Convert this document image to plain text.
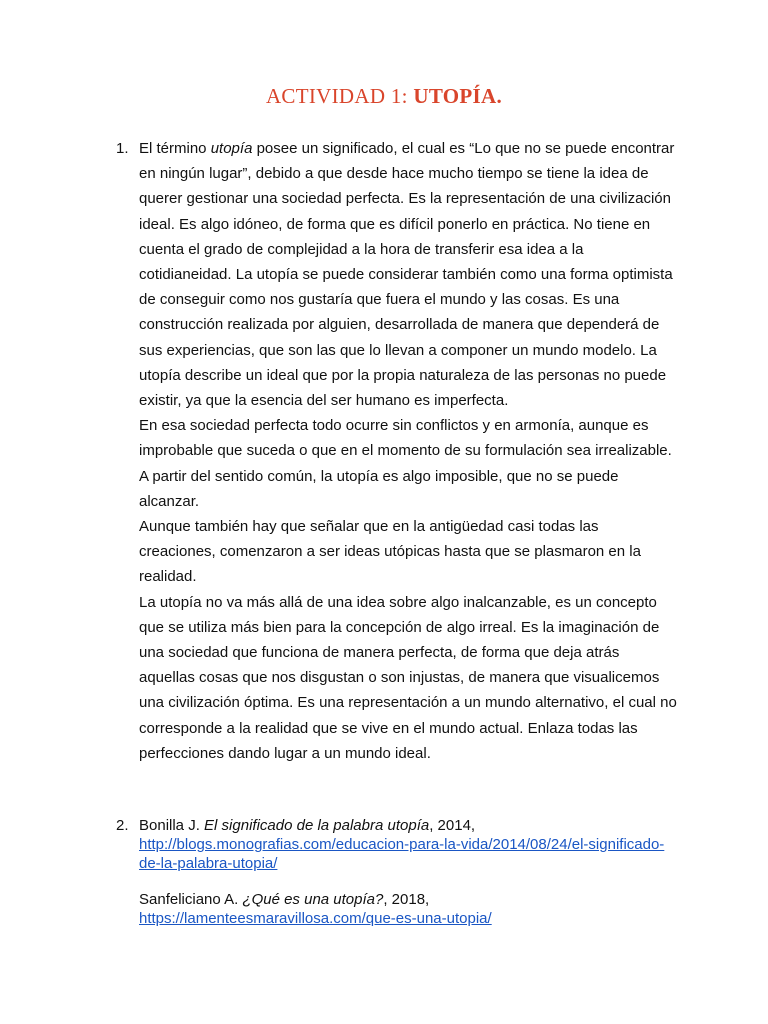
ACTIVIDAD 1: UTOPÍA.
1. El término utopía posee un significado, el cual es “Lo que no se puede encontrar en ningún lugar”, debido a que desde hace mucho tiempo se tiene la idea de querer gestionar una sociedad perfecta. Es la representación de una civilización ideal. Es algo idóneo, de forma que es difícil ponerlo en práctica. No tiene en cuenta el grado de complejidad a la hora de transferir esa idea a la cotidianeidad. La utopía se puede considerar también como una forma optimista de conseguir como nos gustaría que fuera el mundo y las cosas. Es una construcción realizada por alguien, desarrollada de manera que dependerá de sus experiencias, que son las que lo llevan a componer un mundo modelo. La utopía describe un ideal que por la propia naturaleza de las personas no puede existir, ya que la esencia del ser humano es imperfecta.

En esa sociedad perfecta todo ocurre sin conflictos y en armonía, aunque es improbable que suceda o que en el momento de su formulación sea irrealizable. A partir del sentido común, la utopía es algo imposible, que no se puede alcanzar.

Aunque también hay que señalar que en la antigüedad casi todas las creaciones, comenzaron a ser ideas utópicas hasta que se plasmaron en la realidad.

La utopía no va más allá de una idea sobre algo inalcanzable, es un concepto que se utiliza más bien para la concepción de algo irreal. Es la imaginación de una sociedad que funciona de manera perfecta, de forma que deja atrás aquellas cosas que nos disgustan o son injustas, de manera que visualicemos una civilización óptima. Es una representación a un mundo alternativo, el cual no corresponde a la realidad que se vive en el mundo actual. Enlaza todas las perfecciones dando lugar a un mundo ideal.

2. Bonilla J. El significado de la palabra utopía, 2014,
http://blogs.monografias.com/educacion-para-la-vida/2014/08/24/el-significado-de-la-palabra-utopia/
Sanfeliciano A. ¿Qué es una utopía?, 2018,
https://lamenteesmaravillosa.com/que-es-una-utopia/
